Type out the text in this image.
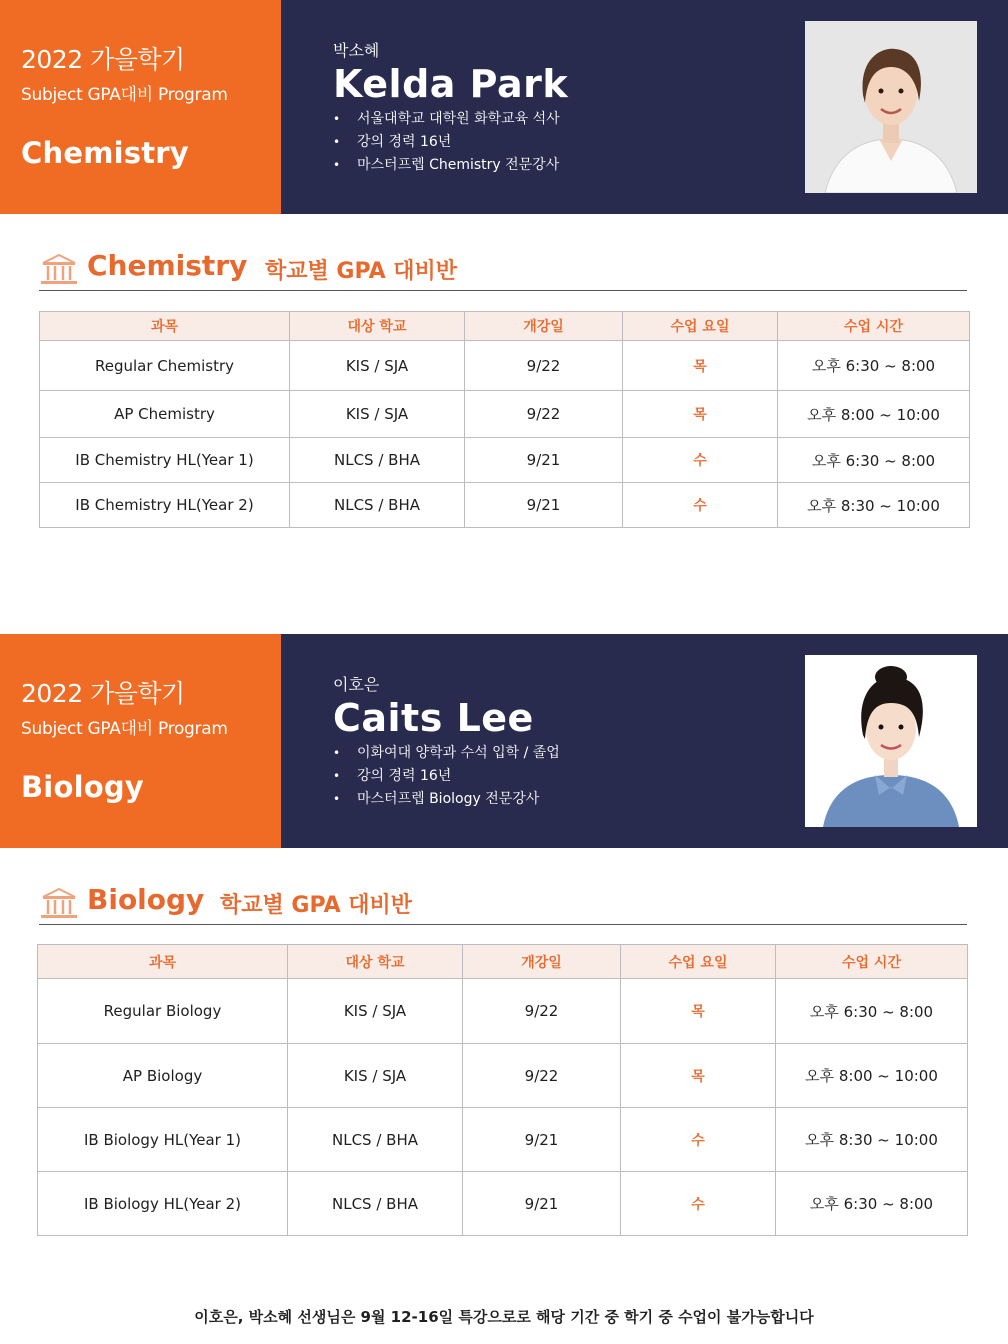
2022 가을학기
Subject GPA대비 Program
Chemistry
박소혜
Kelda Park
• 서울대학교 대학원 화학교육 석사
• 강의 경력 16년
• 마스터프렙 Chemistry 전문강사
Chemistry 학교별 GPA 대비반
과목	대상 학교	개강일	수업 요일	수업 시간
Regular Chemistry	KIS / SJA	9/22	목	오후 6:30 ~ 8:00
AP Chemistry	KIS / SJA	9/22	목	오후 8:00 ~ 10:00
IB Chemistry HL(Year 1)	NLCS / BHA	9/21	수	오후 6:30 ~ 8:00
IB Chemistry HL(Year 2)	NLCS / BHA	9/21	수	오후 8:30 ~ 10:00
2022 가을학기
Subject GPA대비 Program
Biology
이호은
Caits Lee
• 이화여대 양학과 수석 입학 / 졸업
• 강의 경력 16년
• 마스터프렙 Biology 전문강사
Biology 학교별 GPA 대비반
과목	대상 학교	개강일	수업 요일	수업 시간
Regular Biology	KIS / SJA	9/22	목	오후 6:30 ~ 8:00
AP Biology	KIS / SJA	9/22	목	오후 8:00 ~ 10:00
IB Biology HL(Year 1)	NLCS / BHA	9/21	수	오후 8:30 ~ 10:00
IB Biology HL(Year 2)	NLCS / BHA	9/21	수	오후 6:30 ~ 8:00
이호은, 박소혜 선생님은 9월 12-16일 특강으로로 해당 기간 중 학기 중 수업이 불가능합니다
